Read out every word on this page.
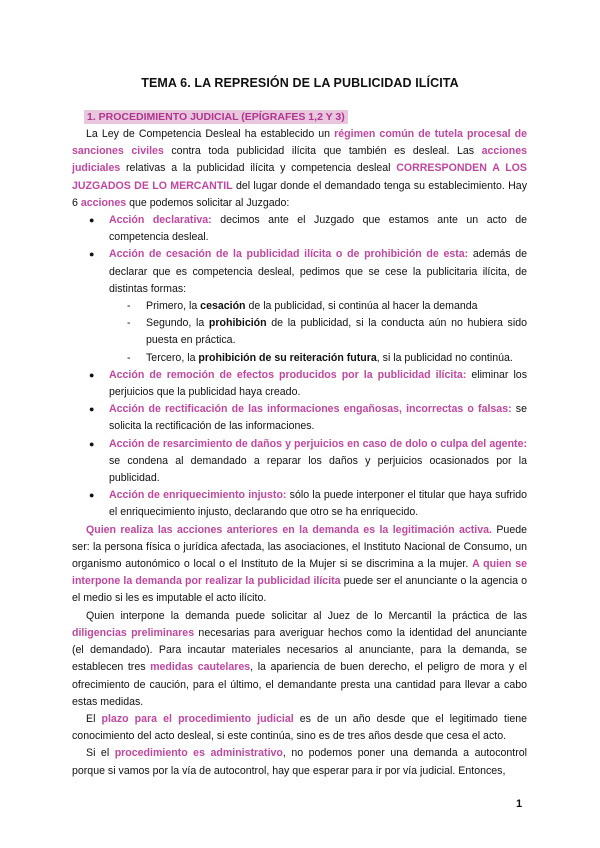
TEMA 6. LA REPRESIÓN DE LA PUBLICIDAD ILÍCITA
1. PROCEDIMIENTO JUDICIAL (EPÍGRAFES 1,2 Y 3)

La Ley de Competencia Desleal ha establecido un régimen común de tutela procesal de sanciones civiles contra toda publicidad ilícita que también es desleal. Las acciones judiciales relativas a la publicidad ilícita y competencia desleal CORRESPONDEN A LOS JUZGADOS DE LO MERCANTIL del lugar donde el demandado tenga su establecimiento. Hay 6 acciones que podemos solicitar al Juzgado:

● Acción declarativa: decimos ante el Juzgado que estamos ante un acto de competencia desleal.
● Acción de cesación de la publicidad ilícita o de prohibición de esta: además de declarar que es competencia desleal, pedimos que se cese la publicitaria ilícita, de distintas formas:
- Primero, la cesación de la publicidad, si continúa al hacer la demanda
- Segundo, la prohibición de la publicidad, si la conducta aún no hubiera sido puesta en práctica.
- Tercero, la prohibición de su reiteración futura, si la publicidad no continúa.
● Acción de remoción de efectos producidos por la publicidad ilícita: eliminar los perjuicios que la publicidad haya creado.
● Acción de rectificación de las informaciones engañosas, incorrectas o falsas: se solicita la rectificación de las informaciones.
● Acción de resarcimiento de daños y perjuicios en caso de dolo o culpa del agente: se condena al demandado a reparar los daños y perjuicios ocasionados por la publicidad.
● Acción de enriquecimiento injusto: sólo la puede interponer el titular que haya sufrido el enriquecimiento injusto, declarando que otro se ha enriquecido.

Quien realiza las acciones anteriores en la demanda es la legitimación activa. Puede ser: la persona física o jurídica afectada, las asociaciones, el Instituto Nacional de Consumo, un organismo autonómico o local o el Instituto de la Mujer si se discrimina a la mujer. A quien se interpone la demanda por realizar la publicidad ilícita puede ser el anunciante o la agencia o el medio si les es imputable el acto ilícito.

Quien interpone la demanda puede solicitar al Juez de lo Mercantil la práctica de las diligencias preliminares necesarias para averiguar hechos como la identidad del anunciante (el demandado). Para incautar materiales necesarios al anunciante, para la demanda, se establecen tres medidas cautelares, la apariencia de buen derecho, el peligro de mora y el ofrecimiento de caución, para el último, el demandante presta una cantidad para llevar a cabo estas medidas.

El plazo para el procedimiento judicial es de un año desde que el legitimado tiene conocimiento del acto desleal, si este continúa, sino es de tres años desde que cesa el acto.

Si el procedimiento es administrativo, no podemos poner una demanda a autocontrol porque si vamos por la vía de autocontrol, hay que esperar para ir por vía judicial. Entonces,

1
